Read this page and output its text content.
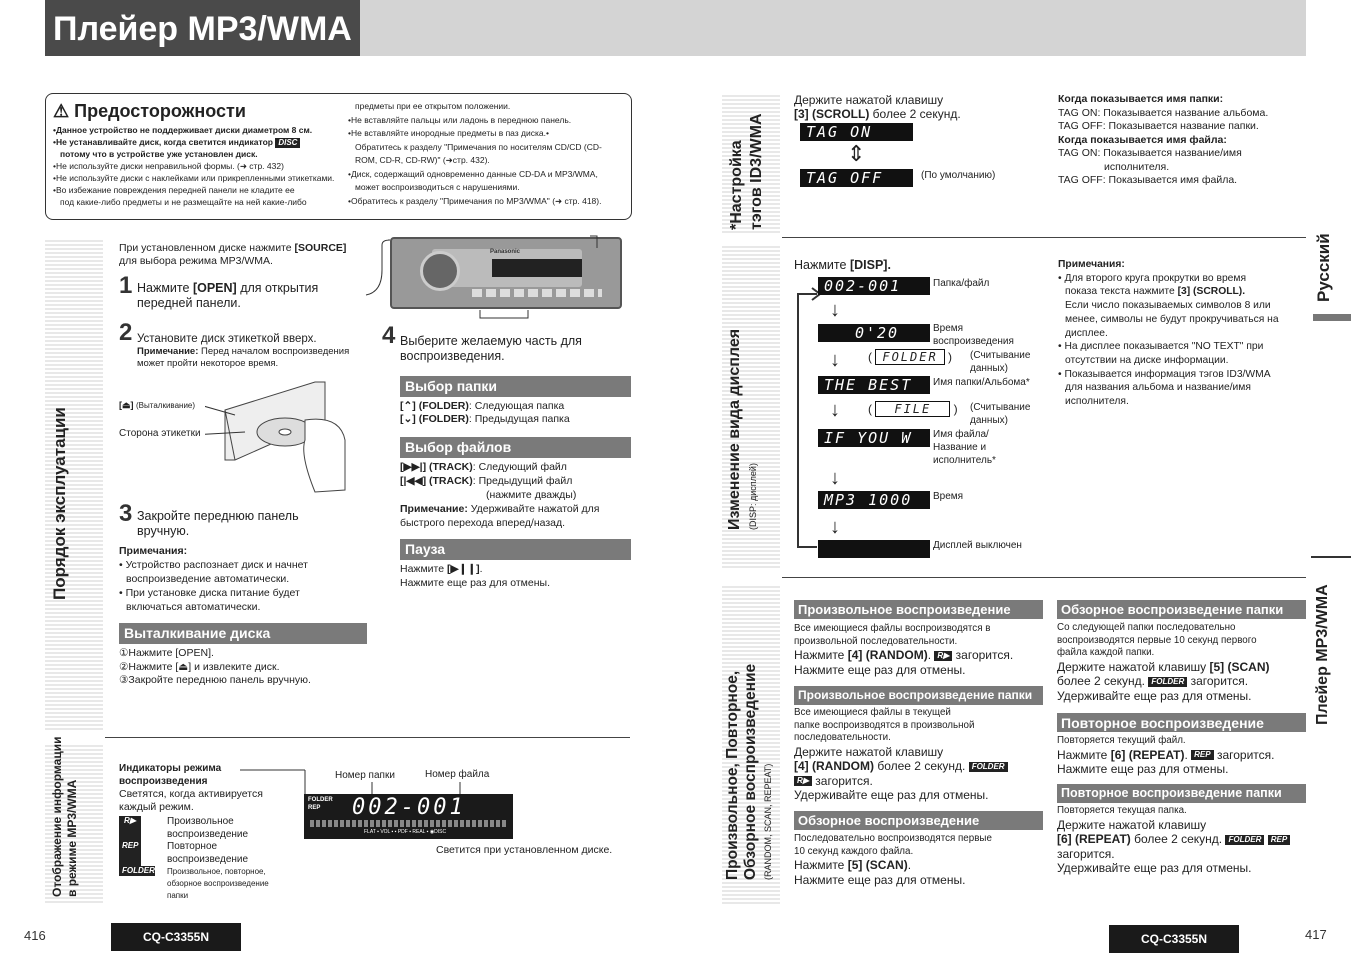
Плейер MP3/WMA
⚠ Предосторожности
•Данное устройство не поддерживает диски диаметром 8 см.
•Не устанавливайте диск, когда светится индикатор DISC
потому что в устройстве уже установлен диск.
•Не используйте диски неправильной формы. (➜ стр. 432)
•Не используйте диски с наклейками или прикрепленными этикетками.
•Во избежание повреждения передней панели не кладите ее
под какие-либо предметы и не размещайте на ней какие-либо
предметы при ее открытом положении.
•Не вставляйте пальцы или ладонь в переднюю панель.
•Не вставляйте инородные предметы в паз диска.•
Обратитесь к разделу "Примечания по носителям CD/CD (CD-
ROM, CD-R, CD-RW)" (➜стр. 432).
•Диск, содержащий одновременно данные CD-DA и MP3/WMA,
может воспроизводиться с нарушениями.
•Обратитесь к разделу "Примечания по MP3/WMA" (➜ стр. 418).
Порядок эксплуатации
При установленном диске нажмите [SOURCE]
для выбора режима MP3/WMA.
Panasonic
1 Нажмите [OPEN] для открытия
передней панели.
2 Установите диск этикеткой вверх.
Примечание: Перед началом воспроизведения
может пройти некоторое время.
[⏏] (Выталкивание)
Сторона этикетки
3 Закройте переднюю панель
вручную.
Примечания:
• Устройство распознает диск и начнет
воспроизведение автоматически.
• При установке диска питание будет
включаться автоматически.
Выталкивание диска
①Нажмите [OPEN].
②Нажмите [⏏] и извлеките диск.
③Закройте переднюю панель вручную.
4 Выберите желаемую часть для
воспроизведения.
Выбор папки
[⌃] (FOLDER): Следующая папка
[⌄] (FOLDER): Предыдущая папка
Выбор файлов
[▶▶|] (TRACK): Следующий файл
[|◀◀] (TRACK): Предыдущий файл
(нажмите дважды)
Примечание: Удерживайте нажатой для
быстрого перехода вперед/назад.
Пауза
Нажмите [▶❙❙].
Нажмите еще раз для отмены.
Отображение информации
в режиме MP3/WMA
Индикаторы режима
воспроизведения
Светятся, когда активируется
каждый режим.
R▶	Произвольное
воспроизведение
REP	Повторное
воспроизведение
FOLDER	Произвольное, повторное,
обзорное воспроизведение
папки
Номер папки	Номер файла
FOLDER
REP	002-001
FLAT ▪ VOL ▪ ▪ PDF ▪ REAL ▪ ◉DISC
Светится при установленном диске.
416	CQ-C3355N
*Настройка тэгов ID3/WMA
Держите нажатой клавишу
[3] (SCROLL) более 2 секунд.
TAG ON
⇕
TAG OFF	(По умолчанию)
Когда показывается имя папки:
TAG ON: Показывается название альбома.
TAG OFF: Показывается название папки.
Когда показывается имя файла:
TAG ON: Показывается название/имя
исполнителя.
TAG OFF: Показывается имя файла.
Русский
Изменение вида дисплея (DISP: дисплей)
Нажмите [DISP].
002-001	Папка/файл
↓
0'20	Время
воспроизведения
↓ ( FOLDER ) (Считывание
данных)
THE BEST	Имя папки/Альбома*
↓ ( FILE ) (Считывание
данных)
IF YOU W	Имя файла/
Название и
исполнитель*
↓
MP3 1000	Время
↓
Дисплей выключен
Примечания:
• Для второго круга прокрутки во время
показа текста нажмите [3] (SCROLL).
Если число показываемых символов 8 или
менее, символы не будут прокручиваться на
дисплее.
• На дисплее показывается "NO TEXT" при
отсутствии на диске информации.
• Показывается информация тэгов ID3/WMA
для названия альбома и название/имя
исполнителя.
Плейер MP3/WMA
Произвольное, Повторное,
Обзорное воспроизведение (RANDOM, SCAN, REPEAT)
Произвольное воспроизведение
Все имеющиеся файлы воспроизводятся в
произвольной последовательности.
Нажмите [4] (RANDOM). R▶ загорится.
Нажмите еще раз для отмены.
Произвольное воспроизведение папки
Все имеющиеся файлы в текущей
папке воспроизводятся в произвольной
последовательности.
Держите нажатой клавишу
[4] (RANDOM) более 2 секунд. FOLDER
R▶ загорится.
Удерживайте еще раз для отмены.
Обзорное воспроизведение
Последовательно воспроизводятся первые
10 секунд каждого файла.
Нажмите [5] (SCAN).
Нажмите еще раз для отмены.
Обзорное воспроизведение папки
Со следующей папки последовательно
воспроизводятся первые 10 секунд первого
файла каждой папки.
Держите нажатой клавишу [5] (SCAN)
более 2 секунд. FOLDER загорится.
Удерживайте еще раз для отмены.
Повторное воспроизведение
Повторяется текущий файл.
Нажмите [6] (REPEAT). REP загорится.
Нажмите еще раз для отмены.
Повторное воспроизведение папки
Повторяется текущая папка.
Держите нажатой клавишу
[6] (REPEAT) более 2 секунд. FOLDER REP
загорится.
Удерживайте еще раз для отмены.
CQ-C3355N	417
